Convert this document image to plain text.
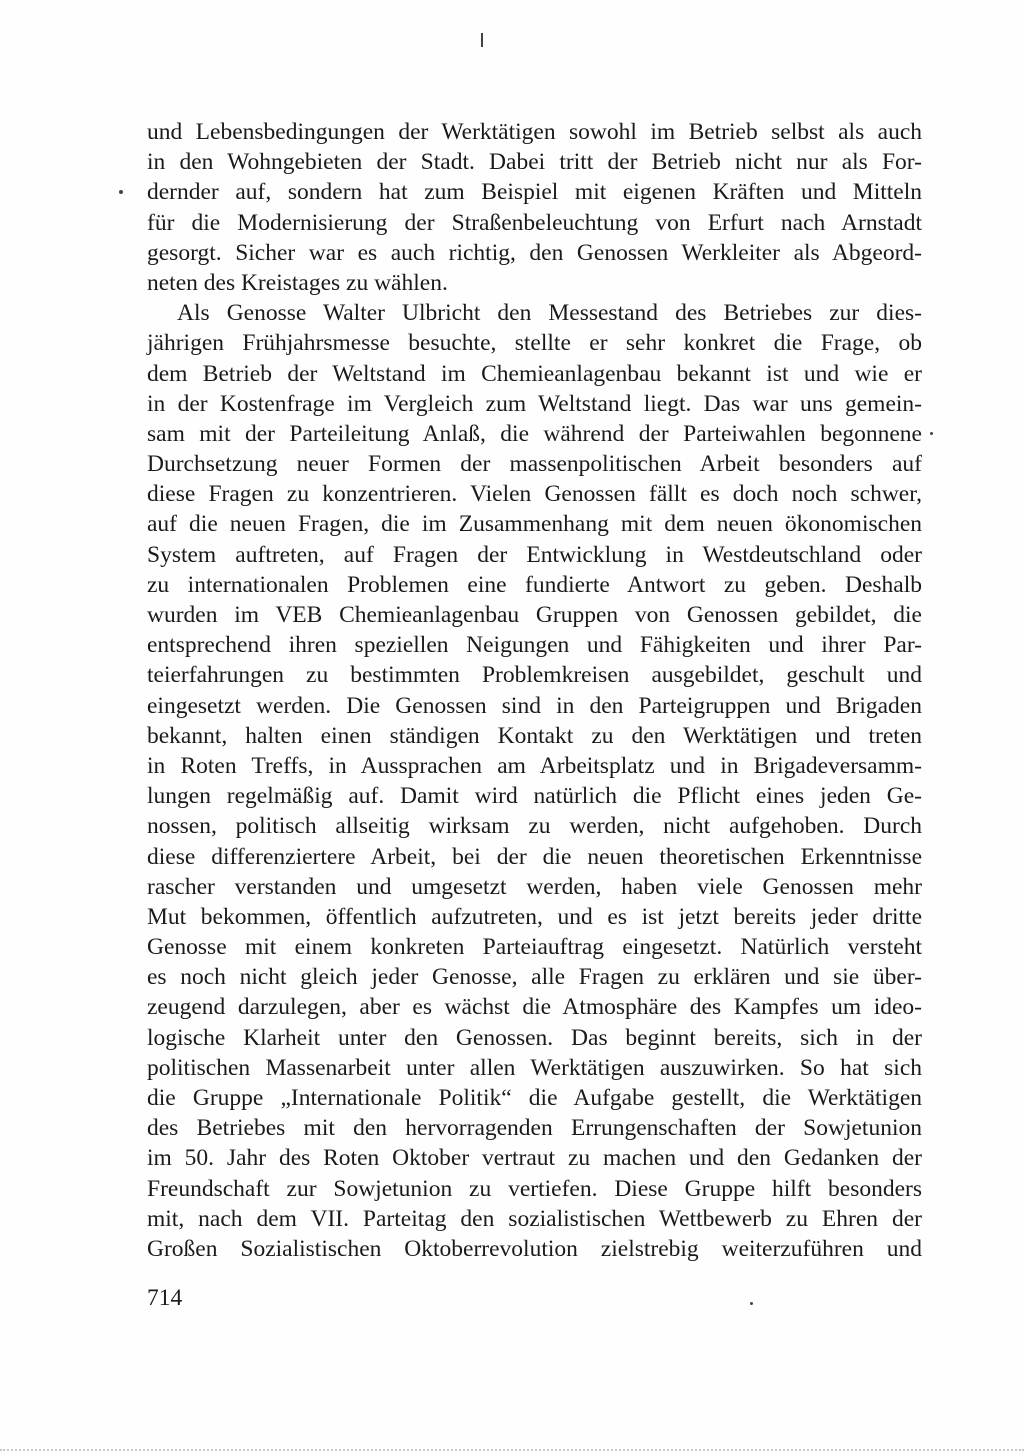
und Lebensbedingungen der Werktätigen sowohl im Betrieb selbst als auch
in den Wohngebieten der Stadt. Dabei tritt der Betrieb nicht nur als For-
dernder auf, sondern hat zum Beispiel mit eigenen Kräften und Mitteln
für die Modernisierung der Straßenbeleuchtung von Erfurt nach Arnstadt
gesorgt. Sicher war es auch richtig, den Genossen Werkleiter als Abgeord-
neten des Kreistages zu wählen.
Als Genosse Walter Ulbricht den Messestand des Betriebes zur dies-
jährigen Frühjahrsmesse besuchte, stellte er sehr konkret die Frage, ob
dem Betrieb der Weltstand im Chemieanlagenbau bekannt ist und wie er
in der Kostenfrage im Vergleich zum Weltstand liegt. Das war uns gemein-
sam mit der Parteileitung Anlaß, die während der Parteiwahlen begonnene
Durchsetzung neuer Formen der massenpolitischen Arbeit besonders auf
diese Fragen zu konzentrieren. Vielen Genossen fällt es doch noch schwer,
auf die neuen Fragen, die im Zusammenhang mit dem neuen ökonomischen
System auftreten, auf Fragen der Entwicklung in Westdeutschland oder
zu internationalen Problemen eine fundierte Antwort zu geben. Deshalb
wurden im VEB Chemieanlagenbau Gruppen von Genossen gebildet, die
entsprechend ihren speziellen Neigungen und Fähigkeiten und ihrer Par-
teierfahrungen zu bestimmten Problemkreisen ausgebildet, geschult und
eingesetzt werden. Die Genossen sind in den Parteigruppen und Brigaden
bekannt, halten einen ständigen Kontakt zu den Werktätigen und treten
in Roten Treffs, in Aussprachen am Arbeitsplatz und in Brigadeversamm-
lungen regelmäßig auf. Damit wird natürlich die Pflicht eines jeden Ge-
nossen, politisch allseitig wirksam zu werden, nicht aufgehoben. Durch
diese differenziertere Arbeit, bei der die neuen theoretischen Erkenntnisse
rascher verstanden und umgesetzt werden, haben viele Genossen mehr
Mut bekommen, öffentlich aufzutreten, und es ist jetzt bereits jeder dritte
Genosse mit einem konkreten Parteiauftrag eingesetzt. Natürlich versteht
es noch nicht gleich jeder Genosse, alle Fragen zu erklären und sie über-
zeugend darzulegen, aber es wächst die Atmosphäre des Kampfes um ideo-
logische Klarheit unter den Genossen. Das beginnt bereits, sich in der
politischen Massenarbeit unter allen Werktätigen auszuwirken. So hat sich
die Gruppe „Internationale Politik“ die Aufgabe gestellt, die Werktätigen
des Betriebes mit den hervorragenden Errungenschaften der Sowjetunion
im 50. Jahr des Roten Oktober vertraut zu machen und den Gedanken der
Freundschaft zur Sowjetunion zu vertiefen. Diese Gruppe hilft besonders
mit, nach dem VII. Parteitag den sozialistischen Wettbewerb zu Ehren der
Großen Sozialistischen Oktoberrevolution zielstrebig weiterzuführen und
714
